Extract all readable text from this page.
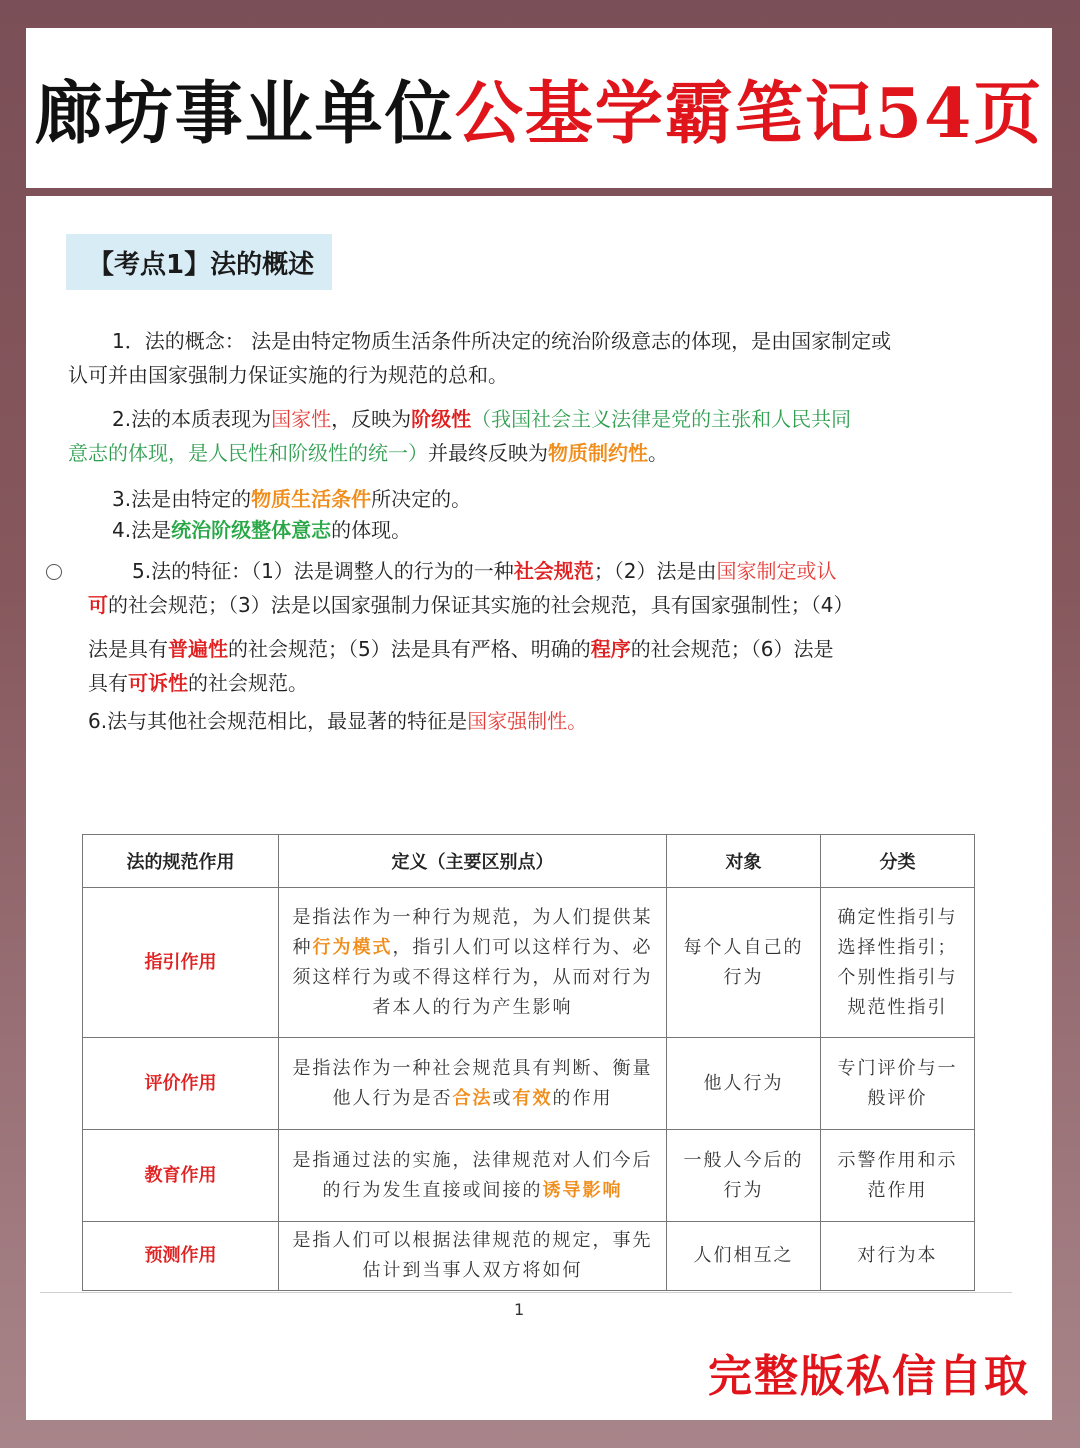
廊坊事业单位公基学霸笔记54页
【考点1】法的概述
1．法的概念： 法是由特定物质生活条件所决定的统治阶级意志的体现，是由国家制定或
认可并由国家强制力保证实施的行为规范的总和。
2.法的本质表现为国家性，反映为阶级性（我国社会主义法律是党的主张和人民共同
意志的体现，是人民性和阶级性的统一）并最终反映为物质制约性。
3.法是由特定的物质生活条件所决定的。
4.法是统治阶级整体意志的体现。
5.法的特征：（1）法是调整人的行为的一种社会规范；（2）法是由国家制定或认
可的社会规范；（3）法是以国家强制力保证其实施的社会规范，具有国家强制性；（4）
法是具有普遍性的社会规范；（5）法是具有严格、明确的程序的社会规范；（6）法是
具有可诉性的社会规范。
6.法与其他社会规范相比，最显著的特征是国家强制性。
法的规范作用	定义（主要区别点）	对象	分类
指引作用	是指法作为一种行为规范，为人们提供某种行为模式，指引人们可以这样行为、必须这样行为或不得这样行为，从而对行为者本人的行为产生影响	每个人自己的行为	确定性指引与选择性指引；个别性指引与规范性指引
评价作用	是指法作为一种社会规范具有判断、衡量他人行为是否合法或有效的作用	他人行为	专门评价与一般评价
教育作用	是指通过法的实施，法律规范对人们今后的行为发生直接或间接的诱导影响	一般人今后的行为	示警作用和示范作用
预测作用	是指人们可以根据法律规范的规定，事先估计到当事人双方将如何	人们相互之	对行为本
1
完整版私信自取
